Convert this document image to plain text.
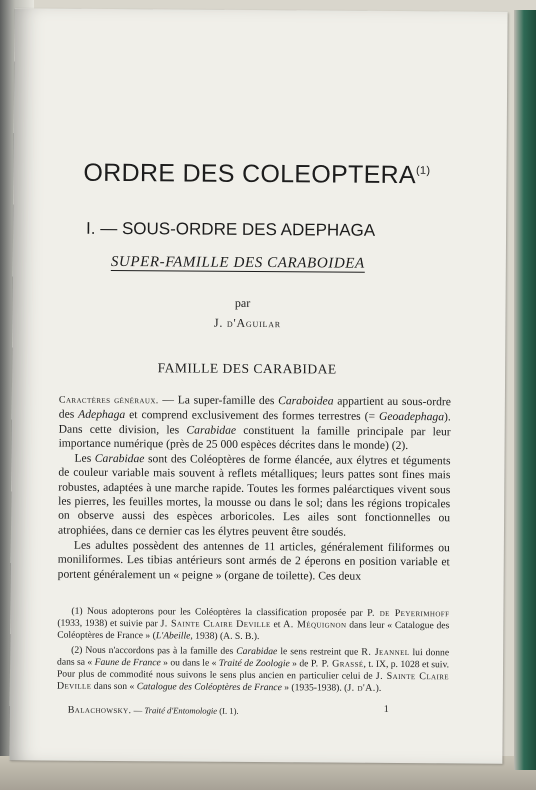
ORDRE DES COLEOPTERA$^{(1)}$
I. — SOUS-ORDRE DES ADEPHAGA
SUPER-FAMILLE DES CARABOIDEA
par
J. d'Aguilar
FAMILLE DES CARABIDAE

Caractères généraux. — La super-famille des Caraboidea appartient au sous-ordre des Adephaga et comprend exclusivement des formes terrestres (= Geoadephaga). Dans cette division, les Carabidae constituent la famille principale par leur importance numérique (près de 25 000 espèces décrites dans le monde) (2).

Les Carabidae sont des Coléoptères de forme élancée, aux élytres et téguments de couleur variable mais souvent à reflets métalliques; leurs pattes sont fines mais robustes, adaptées à une marche rapide. Toutes les formes paléarctiques vivent sous les pierres, les feuilles mortes, la mousse ou dans le sol; dans les régions tropicales on observe aussi des espèces arboricoles. Les ailes sont fonctionnelles ou atrophiées, dans ce dernier cas les élytres peuvent être soudés.

Les adultes possèdent des antennes de 11 articles, généralement filiformes ou moniliformes. Les tibias antérieurs sont armés de 2 éperons en position variable et portent généralement un « peigne » (organe de toilette). Ces deux

(1) Nous adopterons pour les Coléoptères la classification proposée par P. de Peyerimhoff (1933, 1938) et suivie par J. Sainte Claire Deville et A. Méquignon dans leur « Catalogue des Coléoptères de France » (L'Abeille, 1938) (A. S. B.).

(2) Nous n'accordons pas à la famille des Carabidae le sens restreint que R. Jeannel lui donne dans sa « Faune de France » ou dans le « Traité de Zoologie » de P. P. Grassé, t. IX, p. 1028 et suiv. Pour plus de commodité nous suivons le sens plus ancien en particulier celui de J. Sainte Claire Deville dans son « Catalogue des Coléoptères de France » (1935-1938). (J. d'A.).

Balachowsky. — Traité d'Entomologie (I. 1).	1
